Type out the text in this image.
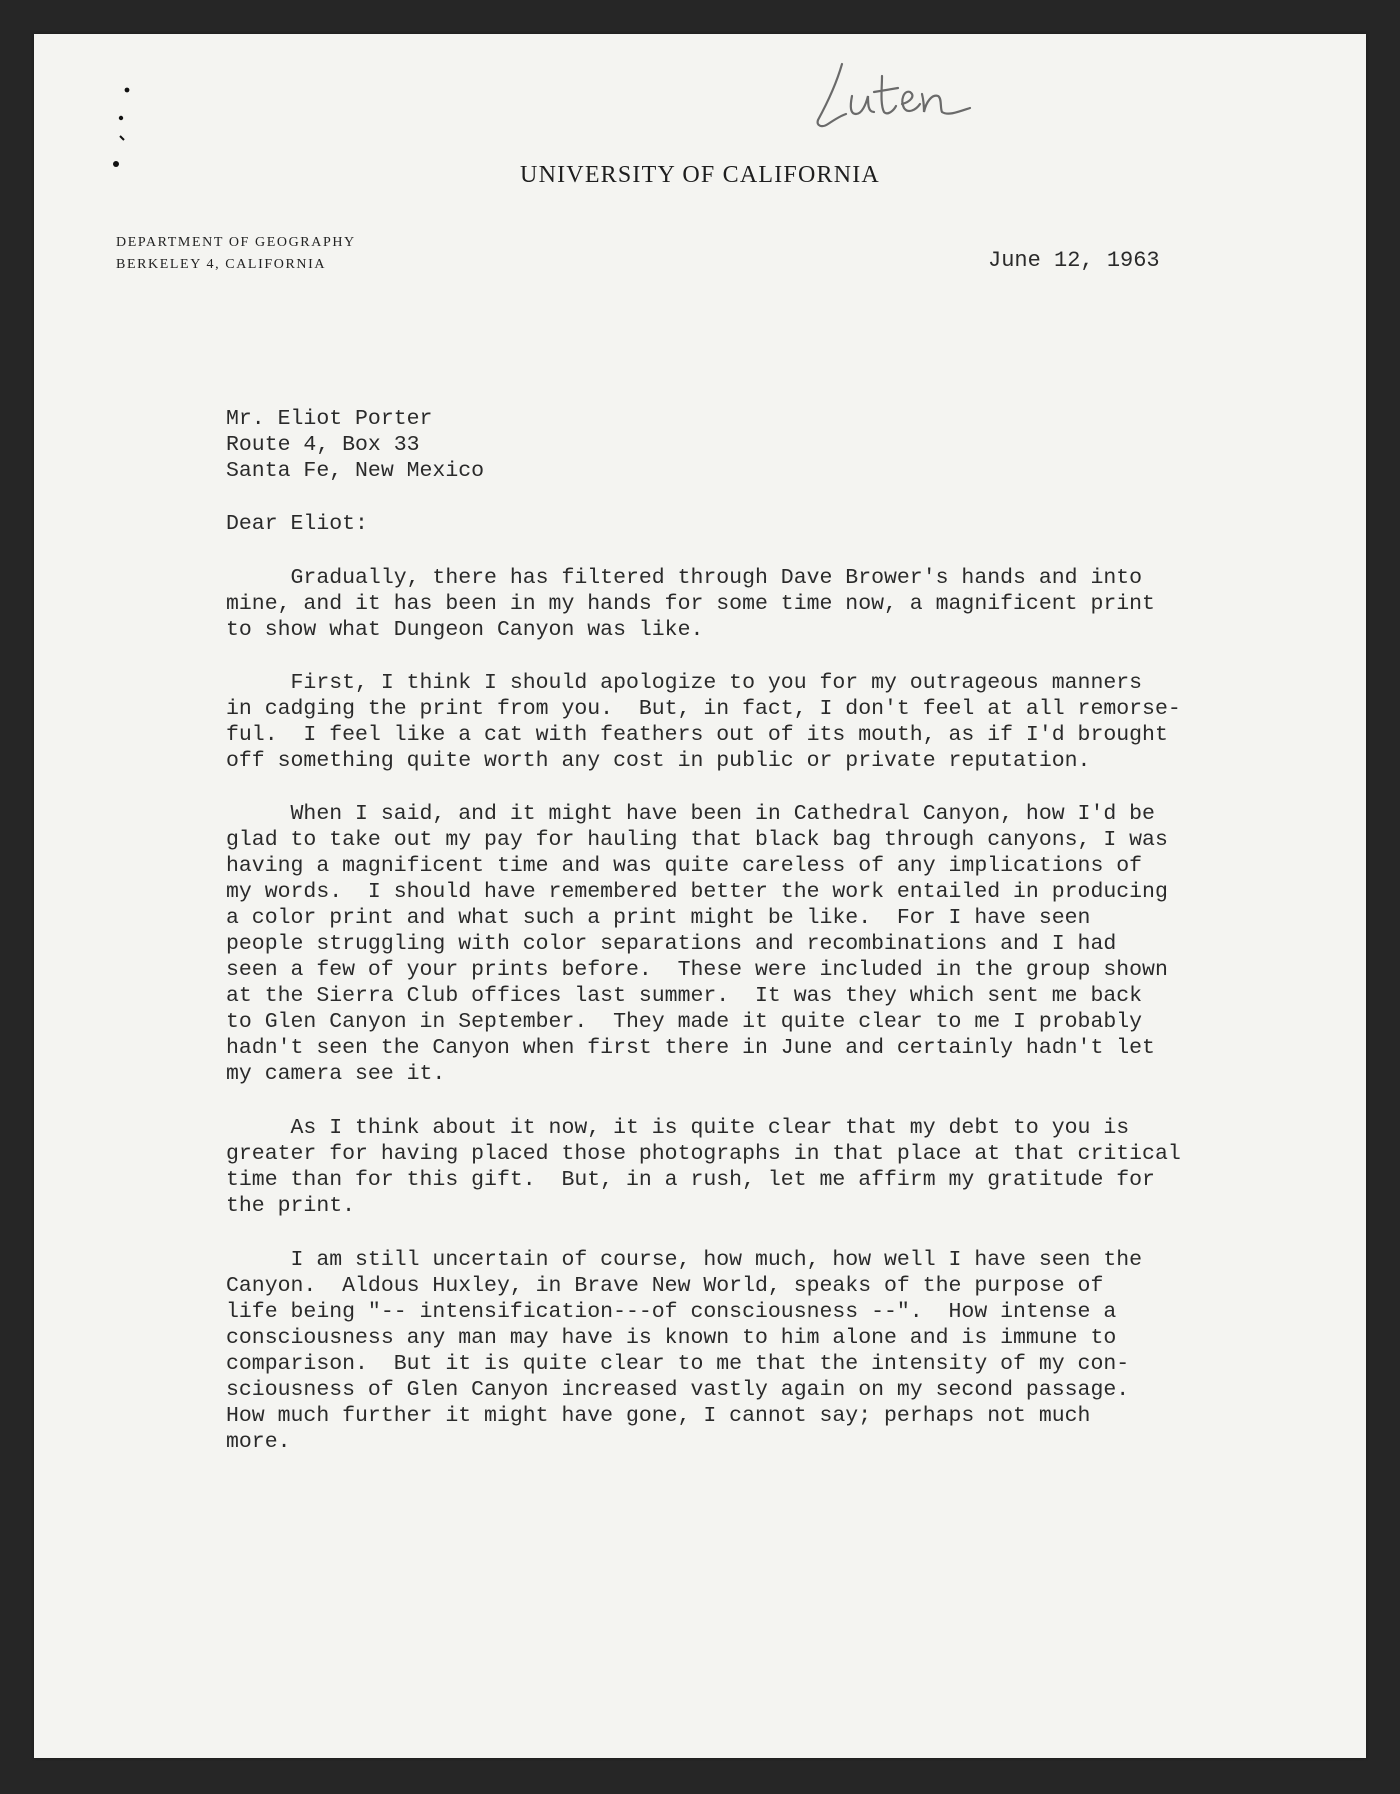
UNIVERSITY OF CALIFORNIA
DEPARTMENT OF GEOGRAPHY
BERKELEY 4, CALIFORNIA	June 12, 1963
Mr. Eliot Porter
Route 4, Box 33
Santa Fe, New Mexico
Dear Eliot:
Gradually, there has filtered through Dave Brower's hands and into
mine, and it has been in my hands for some time now, a magnificent print
to show what Dungeon Canyon was like.
First, I think I should apologize to you for my outrageous manners
in cadging the print from you.  But, in fact, I don't feel at all remorse-
ful.  I feel like a cat with feathers out of its mouth, as if I'd brought
off something quite worth any cost in public or private reputation.
When I said, and it might have been in Cathedral Canyon, how I'd be
glad to take out my pay for hauling that black bag through canyons, I was
having a magnificent time and was quite careless of any implications of
my words.  I should have remembered better the work entailed in producing
a color print and what such a print might be like.  For I have seen
people struggling with color separations and recombinations and I had
seen a few of your prints before.  These were included in the group shown
at the Sierra Club offices last summer.  It was they which sent me back
to Glen Canyon in September.  They made it quite clear to me I probably
hadn't seen the Canyon when first there in June and certainly hadn't let
my camera see it.
As I think about it now, it is quite clear that my debt to you is
greater for having placed those photographs in that place at that critical
time than for this gift.  But, in a rush, let me affirm my gratitude for
the print.
I am still uncertain of course, how much, how well I have seen the
Canyon.  Aldous Huxley, in Brave New World, speaks of the purpose of
life being "-- intensification---of consciousness --".  How intense a
consciousness any man may have is known to him alone and is immune to
comparison.  But it is quite clear to me that the intensity of my con-
sciousness of Glen Canyon increased vastly again on my second passage.
How much further it might have gone, I cannot say; perhaps not much
more.
